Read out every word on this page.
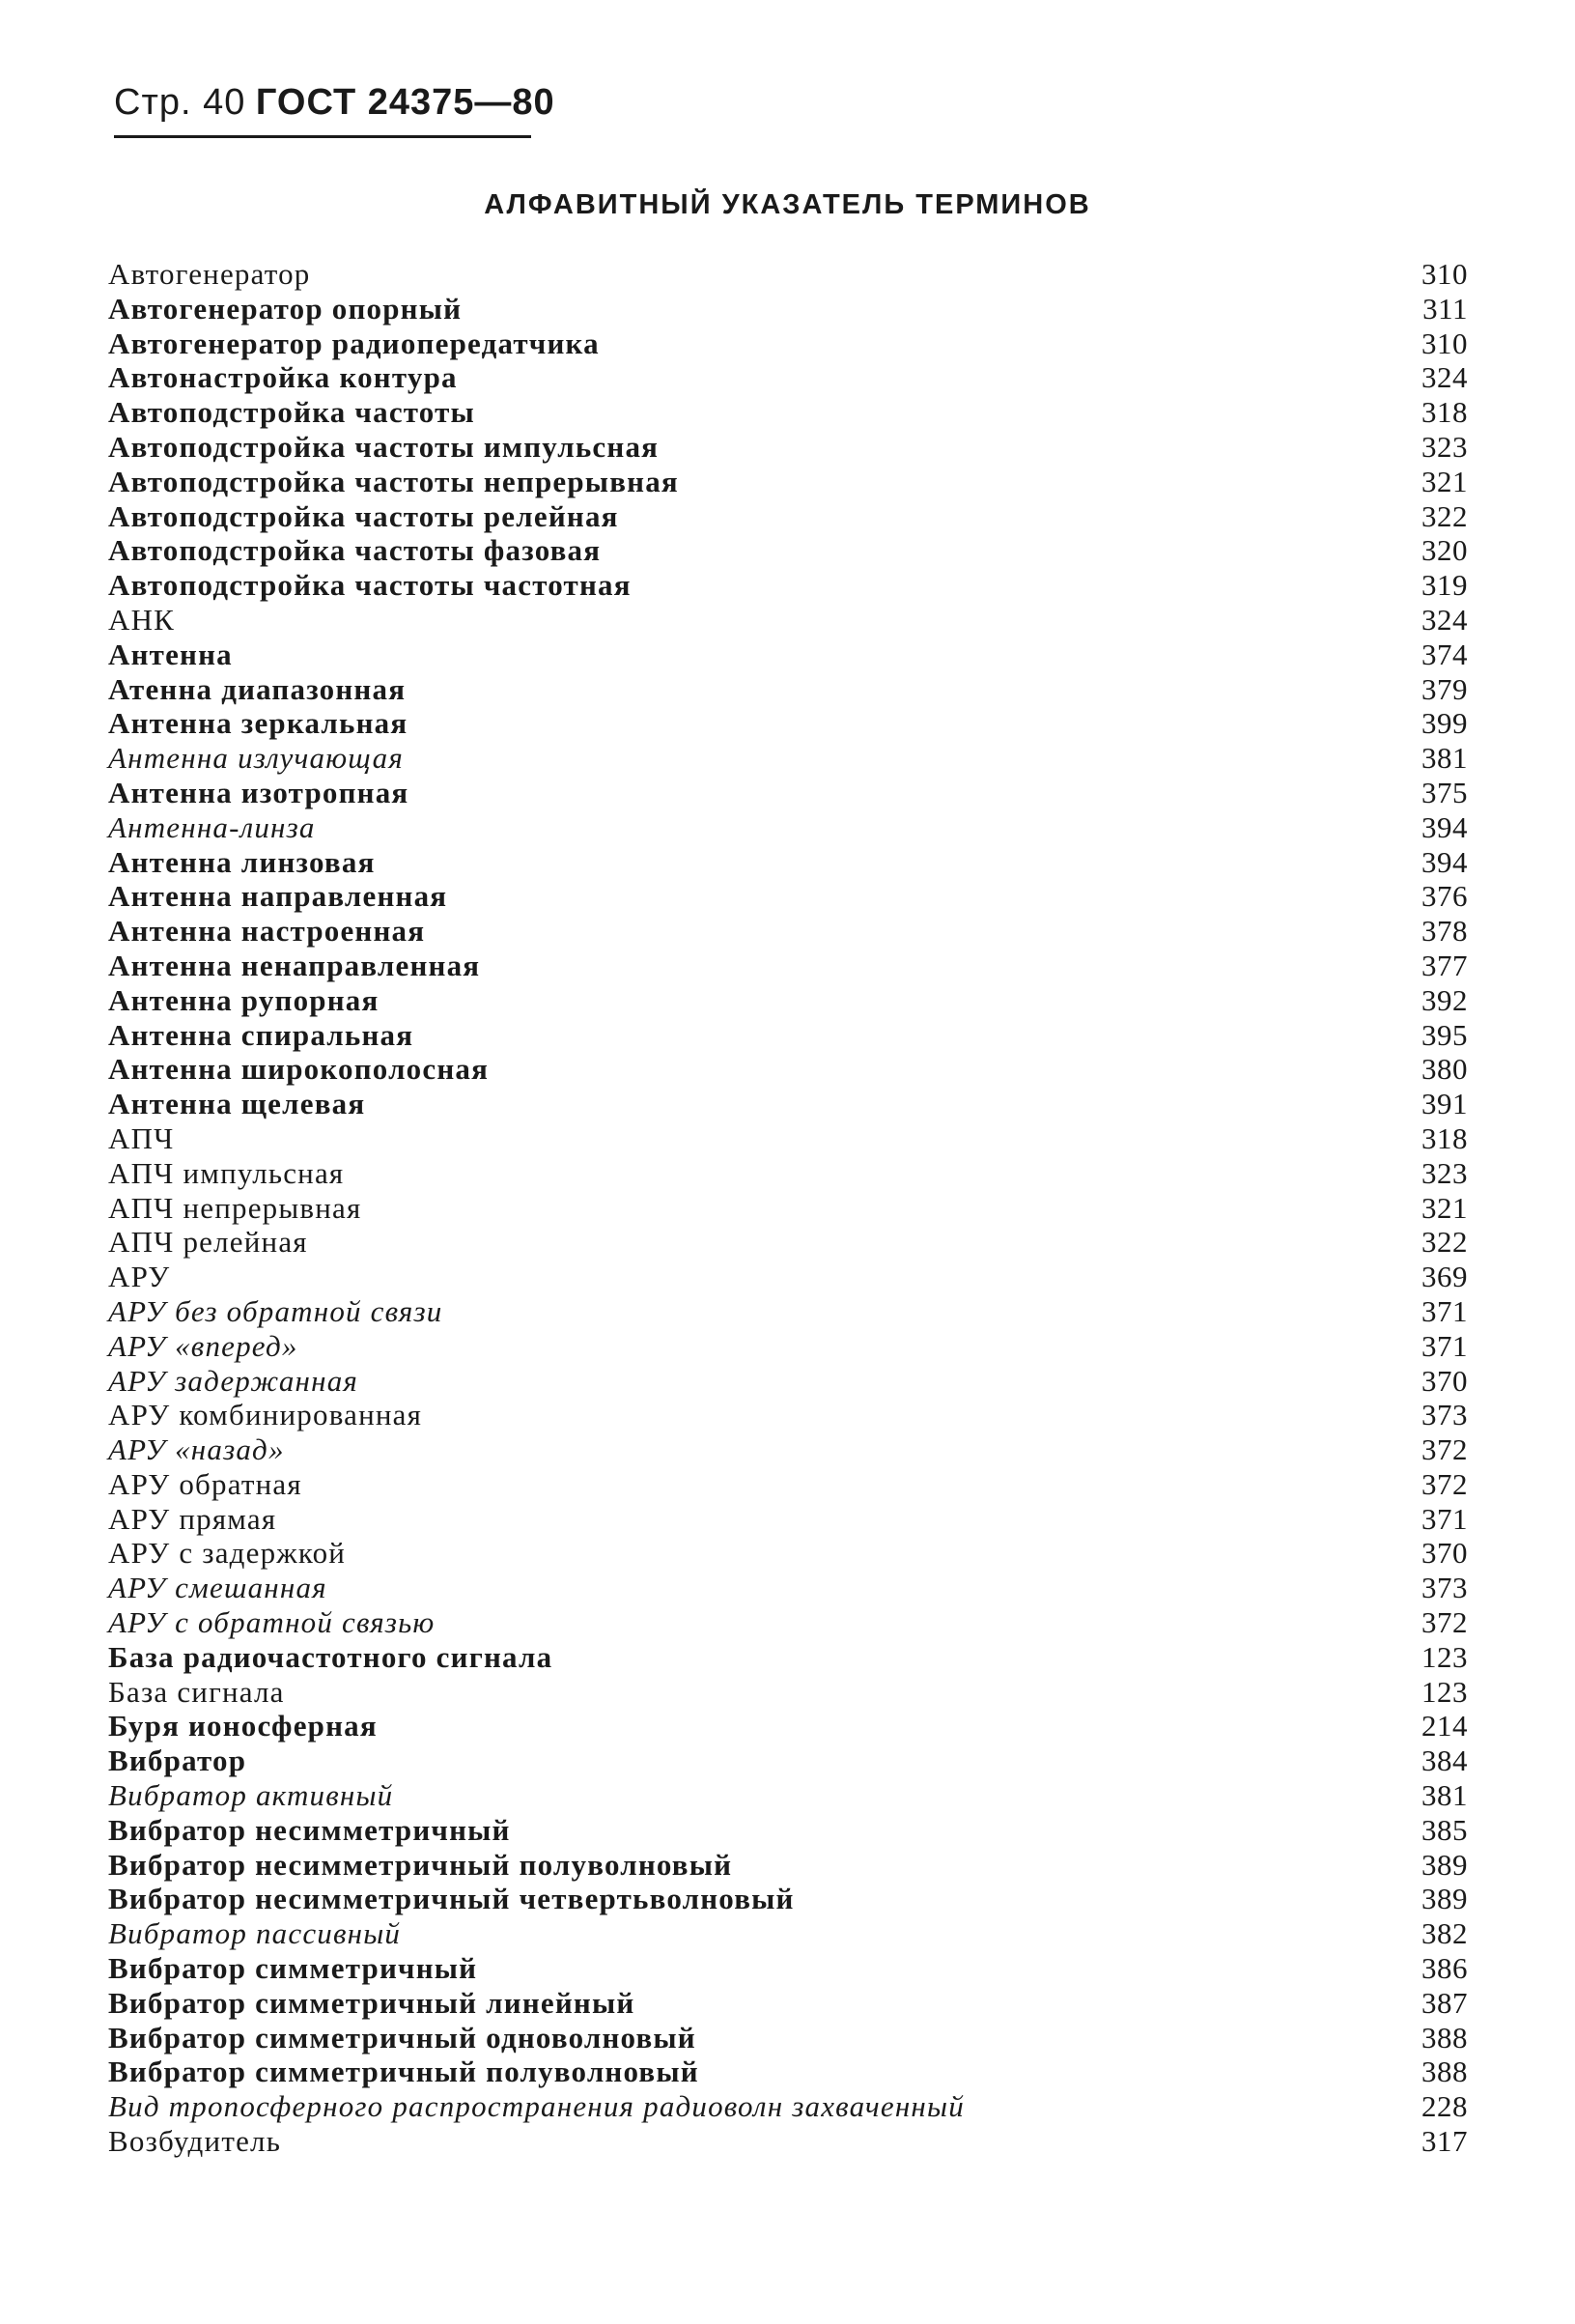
Стр. 40 ГОСТ 24375—80
АЛФАВИТНЫЙ УКАЗАТЕЛЬ ТЕРМИНОВ
Автогенератор	310
Автогенератор опорный	311
Автогенератор радиопередатчика	310
Автонастройка контура	324
Автоподстройка частоты	318
Автоподстройка частоты импульсная	323
Автоподстройка частоты непрерывная	321
Автоподстройка частоты релейная	322
Автоподстройка частоты фазовая	320
Автоподстройка частоты частотная	319
АНК	324
Антенна	374
Атенна диапазонная	379
Антенна зеркальная	399
Антенна излучающая	381
Антенна изотропная	375
Антенна-линза	394
Антенна линзовая	394
Антенна направленная	376
Антенна настроенная	378
Антенна ненаправленная	377
Антенна рупорная	392
Антенна спиральная	395
Антенна широкополосная	380
Антенна щелевая	391
АПЧ	318
АПЧ импульсная	323
АПЧ непрерывная	321
АПЧ релейная	322
АРУ	369
АРУ без обратной связи	371
АРУ «вперед»	371
АРУ задержанная	370
АРУ комбинированная	373
АРУ «назад»	372
АРУ обратная	372
АРУ прямая	371
АРУ с задержкой	370
АРУ смешанная	373
АРУ с обратной связью	372
База радиочастотного сигнала	123
База сигнала	123
Буря ионосферная	214
Вибратор	384
Вибратор активный	381
Вибратор несимметричный	385
Вибратор несимметричный полуволновый	389
Вибратор несимметричный четвертьволновый	389
Вибратор пассивный	382
Вибратор симметричный	386
Вибратор симметричный линейный	387
Вибратор симметричный одноволновый	388
Вибратор симметричный полуволновый	388
Вид тропосферного распространения радиоволн захваченный	228
Возбудитель	317
